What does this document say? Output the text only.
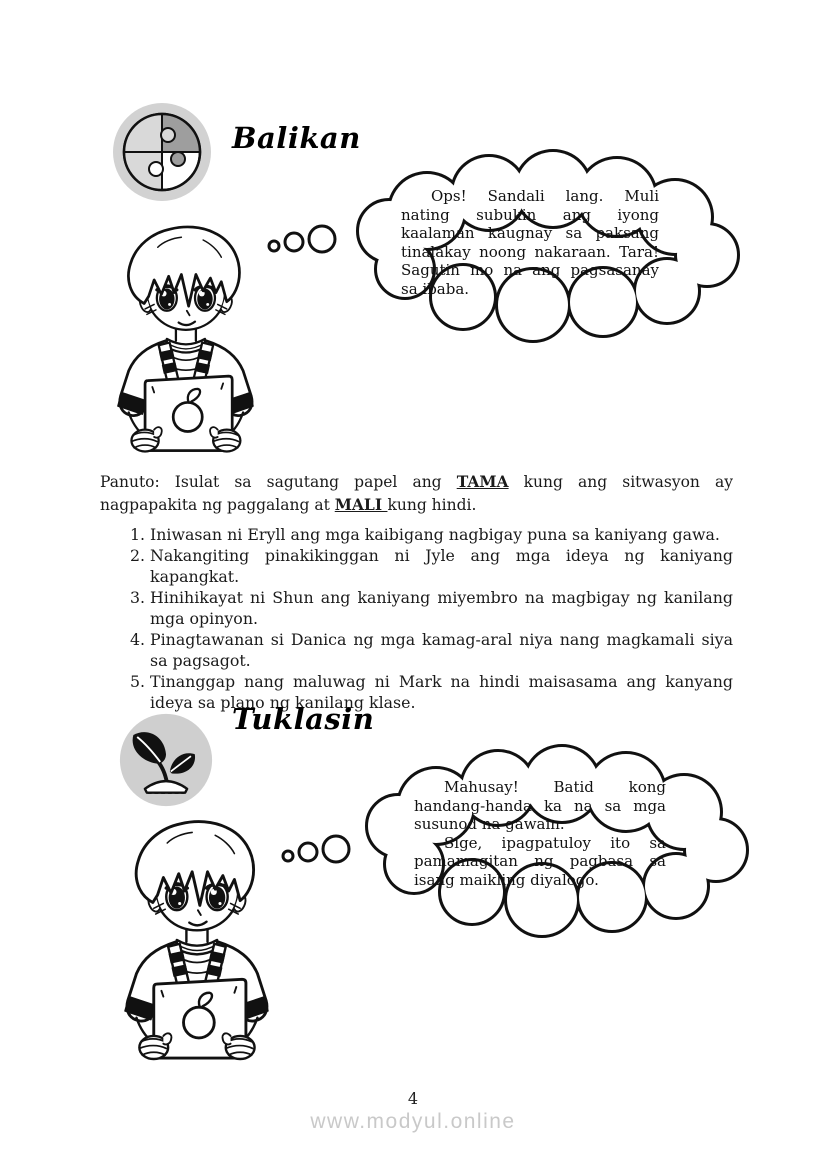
Balikan

Ops! Sandali lang. Muli nating subukin ang iyong kaalaman kaugnay sa paksang tinalakay noong nakaraan. Tara! Sagutin mo na ang pagsasanay sa ibaba.

Panuto: Isulat sa sagutang papel ang TAMA kung ang sitwasyon ay nagpapakita ng paggalang at MALI kung hindi.

1. Iniwasan ni Eryll ang mga kaibigang nagbigay puna sa kaniyang gawa.
2. Nakangiting pinakikinggan ni Jyle ang mga ideya ng kaniyang kapangkat.
3. Hinihikayat ni Shun ang kaniyang miyembro na magbigay ng kanilang mga opinyon.
4. Pinagtawanan si Danica ng mga kamag-aral niya nang magkamali siya sa pagsagot.
5. Tinanggap nang maluwag ni Mark na hindi maisasama ang kanyang ideya sa plano ng kanilang klase.
Tuklasin

Mahusay! Batid kong handang-handa ka na sa mga susunod na gawain.

Sige, ipagpatuloy ito sa pamamagitan ng pagbasa sa isang maikling diyalogo.

4
www.modyul.online
